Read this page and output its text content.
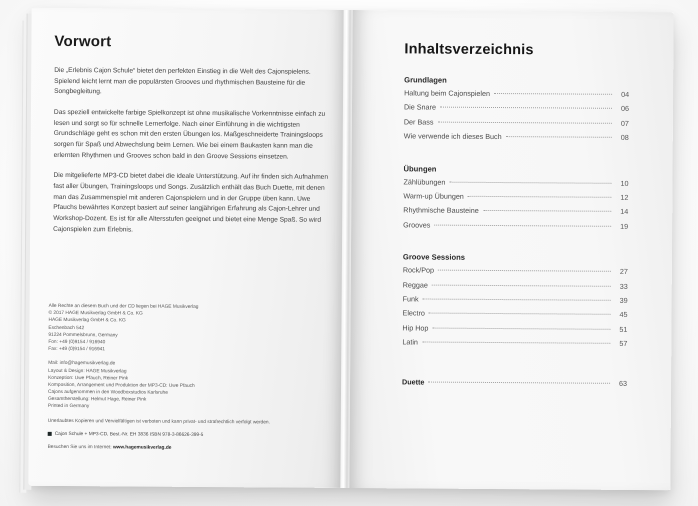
Vorwort

Die „Erlebnis Cajon Schule“ bietet den perfekten Einstieg in die Welt des Cajonspielens. Spielend leicht lernt man die populärsten Grooves und rhythmischen Bausteine für die Songbegleitung.

Das speziell entwickelte farbige Spielkonzept ist ohne musikalische Vorkenntnisse einfach zu lesen und sorgt so für schnelle Lernerfolge. Nach einer Einführung in die wichtigsten Grundschläge geht es schon mit den ersten Übungen los. Maßgeschneiderte Trainingsloops sorgen für Spaß und Abwechslung beim Lernen. Wie bei einem Baukasten kann man die erlernten Rhythmen und Grooves schon bald in den Groove Sessions einsetzen.

Die mitgelieferte MP3-CD bietet dabei die ideale Unterstützung. Auf ihr finden sich Aufnahmen fast aller Übungen, Trainingsloops und Songs. Zusätzlich enthält das Buch Duette, mit denen man das Zusammenspiel mit anderen Cajonspielern und in der Gruppe üben kann. Uwe Pfauchs bewährtes Konzept basiert auf seiner langjährigen Erfahrung als Cajon-Lehrer und Workshop-Dozent. Es ist für alle Altersstufen geeignet und bietet eine Menge Spaß. So wird Cajonspielen zum Erlebnis.

Alle Rechte an diesem Buch und der CD liegen bei HAGE Musikverlag
© 2017 HAGE Musikverlag GmbH & Co. KG
HAGE Musikverlag GmbH & Co. KG
Eschenbach 542
91224 Pommelsbrunn, Germany
Fon: +49 (0)9154 / 916940
Fax: +49 (0)9154 / 916941
Mail: info@hagemusikverlag.de
Layout & Design: HAGE Musikverlag
Konzeption: Uwe Pfauch, Reiner Pink
Komposition, Arrangement und Produktion der MP3-CD: Uwe Pfauch
Cajons aufgenommen in den Woodboxstudios Karlsruhe
Gesamtherstellung: Helmut Hage, Reiner Pink
Printed in Germany
Unerlaubtes Kopieren und Vervielfältigen ist verboten und kann privat- und strafrechtlich verfolgt werden.
Cajon Schule + MP3-CD, Best.-Nr. EH 3836 ISBN 978-3-86626-399-5
Besuchen Sie uns im Internet: www.hagemusikverlag.de
Inhaltsverzeichnis
Grundlagen
Haltung beim Cajonspielen	04
Die Snare	06
Der Bass	07
Wie verwende ich dieses Buch	08
Übungen
Zählübungen	10
Warm-up Übungen	12
Rhythmische Bausteine	14
Grooves	19
Groove Sessions
Rock/Pop	27
Reggae	33
Funk	39
Electro	45
Hip Hop	51
Latin	57
Duette	63
